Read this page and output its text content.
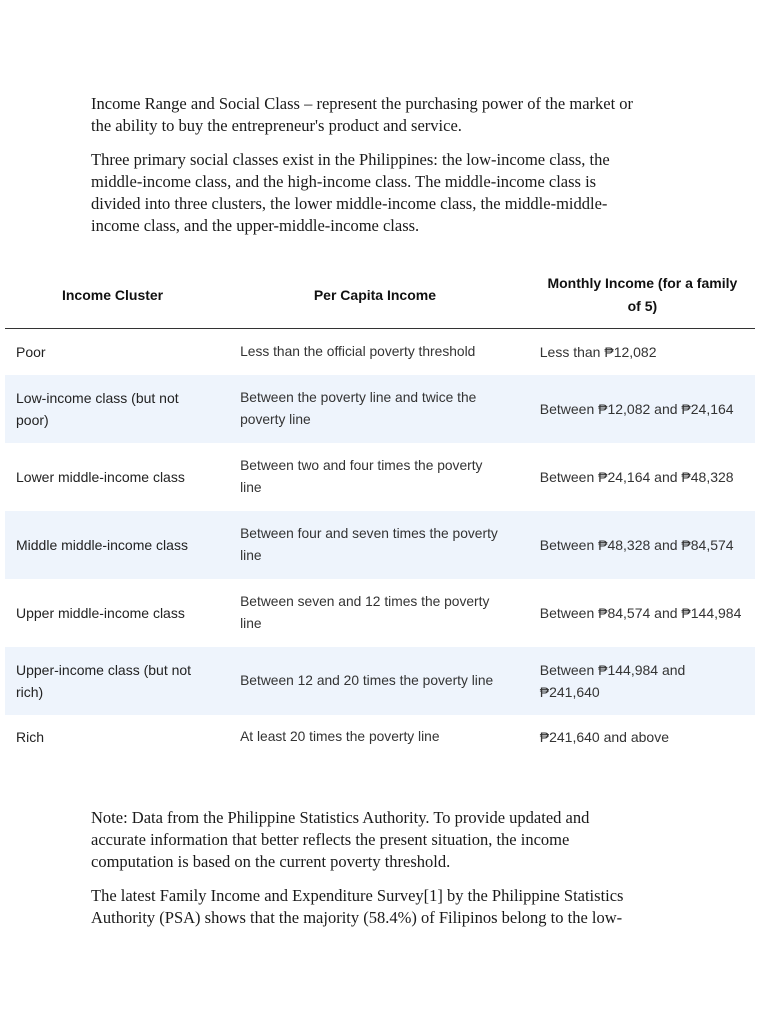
Income Range and Social Class – represent the purchasing power of the market or
the ability to buy the entrepreneur's product and service.

Three primary social classes exist in the Philippines: the low-income class, the
middle-income class, and the high-income class. The middle-income class is
divided into three clusters, the lower middle-income class, the middle-middle-
income class, and the upper-middle-income class.

Income Cluster	Per Capita Income	Monthly Income (for a family
of 5)
Poor	Less than the official poverty threshold	Less than ₱12,082
Low-income class (but not
poor)	Between the poverty line and twice the
poverty line	Between ₱12,082 and ₱24,164
Lower middle-income class	Between two and four times the poverty
line	Between ₱24,164 and ₱48,328
Middle middle-income class	Between four and seven times the poverty
line	Between ₱48,328 and ₱84,574
Upper middle-income class	Between seven and 12 times the poverty
line	Between ₱84,574 and ₱144,984
Upper-income class (but not
rich)	Between 12 and 20 times the poverty line	Between ₱144,984 and
₱241,640
Rich	At least 20 times the poverty line	₱241,640 and above

Note: Data from the Philippine Statistics Authority. To provide updated and
accurate information that better reflects the present situation, the income
computation is based on the current poverty threshold.

The latest Family Income and Expenditure Survey[1] by the Philippine Statistics
Authority (PSA) shows that the majority (58.4%) of Filipinos belong to the low-
